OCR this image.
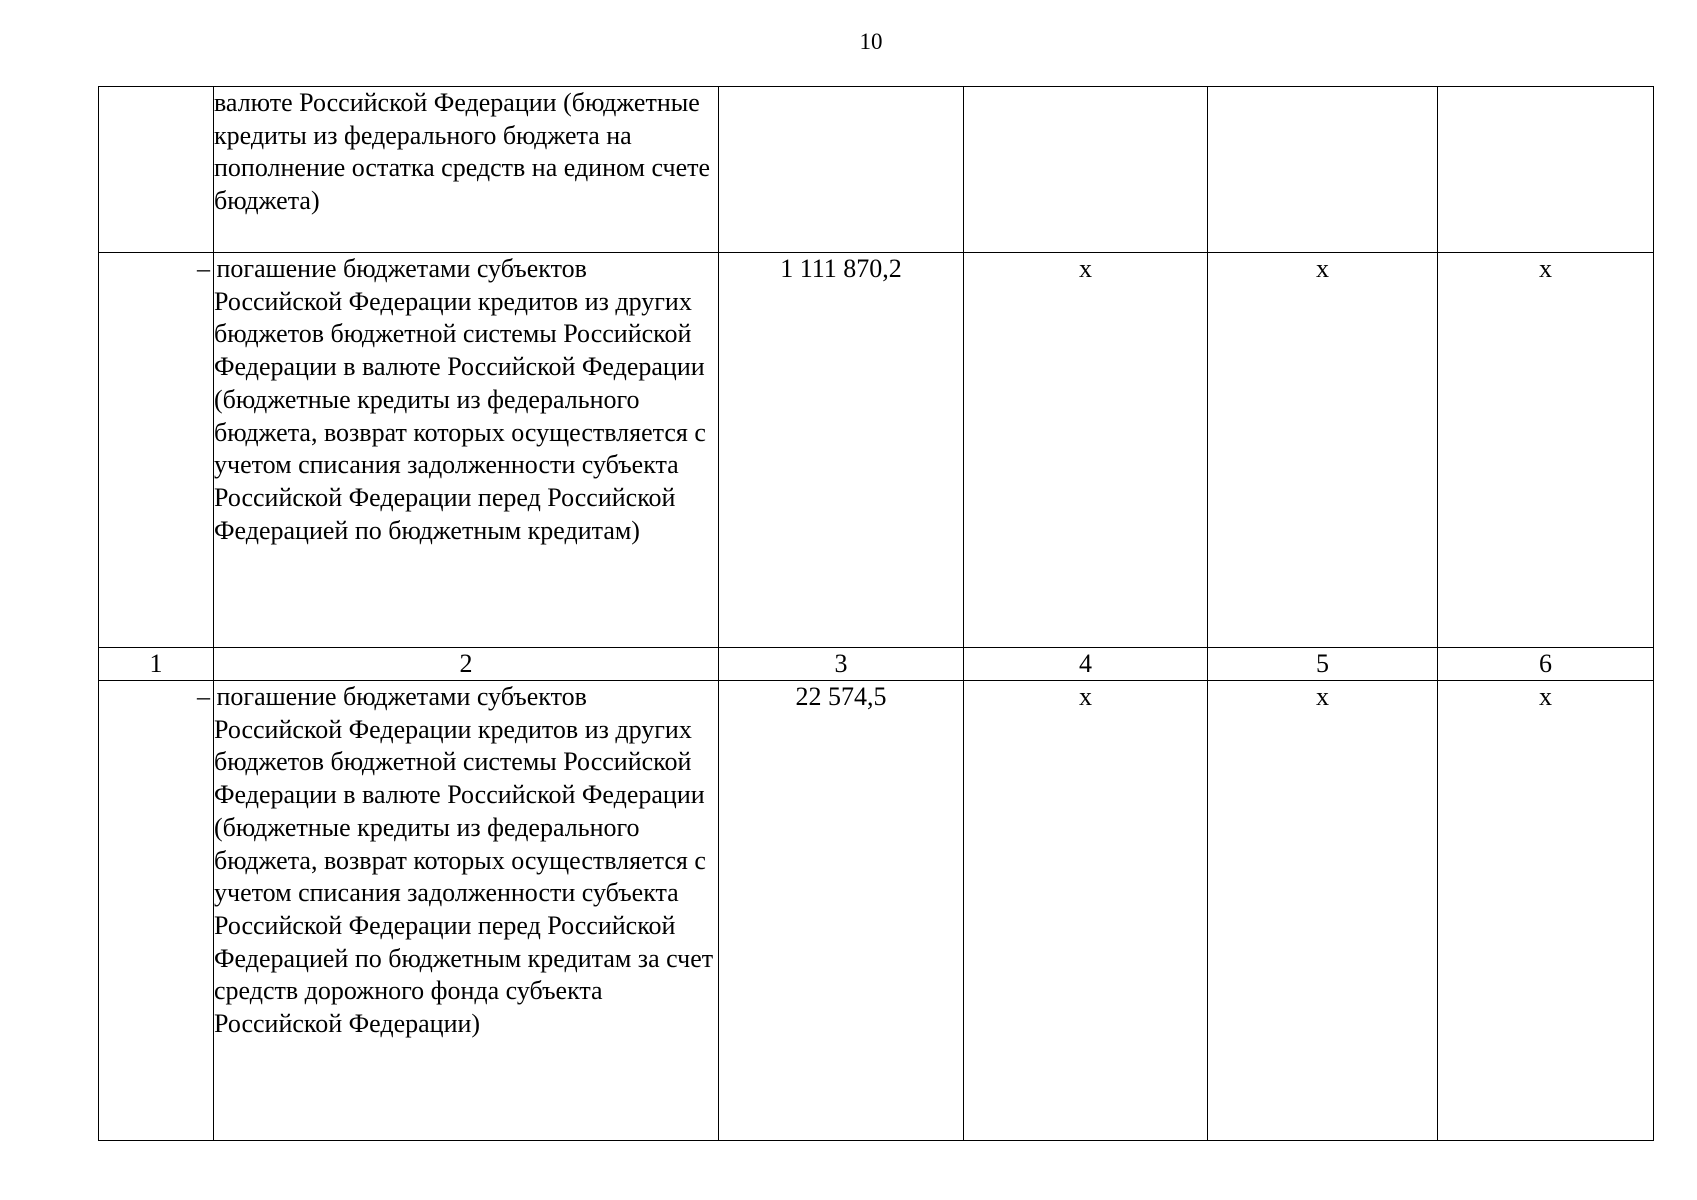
10
	валюте Российской Федерации (бюджетные кредиты из федерального бюджета на пополнение остатка средств на едином счете бюджета)				
	– погашение бюджетами субъектов Российской Федерации кредитов из других бюджетов бюджетной системы Российской Федерации в валюте Российской Федерации (бюджетные кредиты из федерального бюджета, возврат которых осуществляется с учетом списания задолженности субъекта Российской Федерации перед Российской Федерацией по бюджетным кредитам)	1 111 870,2	x	x	x
1	2	3	4	5	6
	– погашение бюджетами субъектов Российской Федерации кредитов из других бюджетов бюджетной системы Российской Федерации в валюте Российской Федерации (бюджетные кредиты из федерального бюджета, возврат которых осуществляется с учетом списания задолженности субъекта Российской Федерации перед Российской Федерацией по бюджетным кредитам за счет средств дорожного фонда субъекта Российской Федерации)	22 574,5	x	x	x
